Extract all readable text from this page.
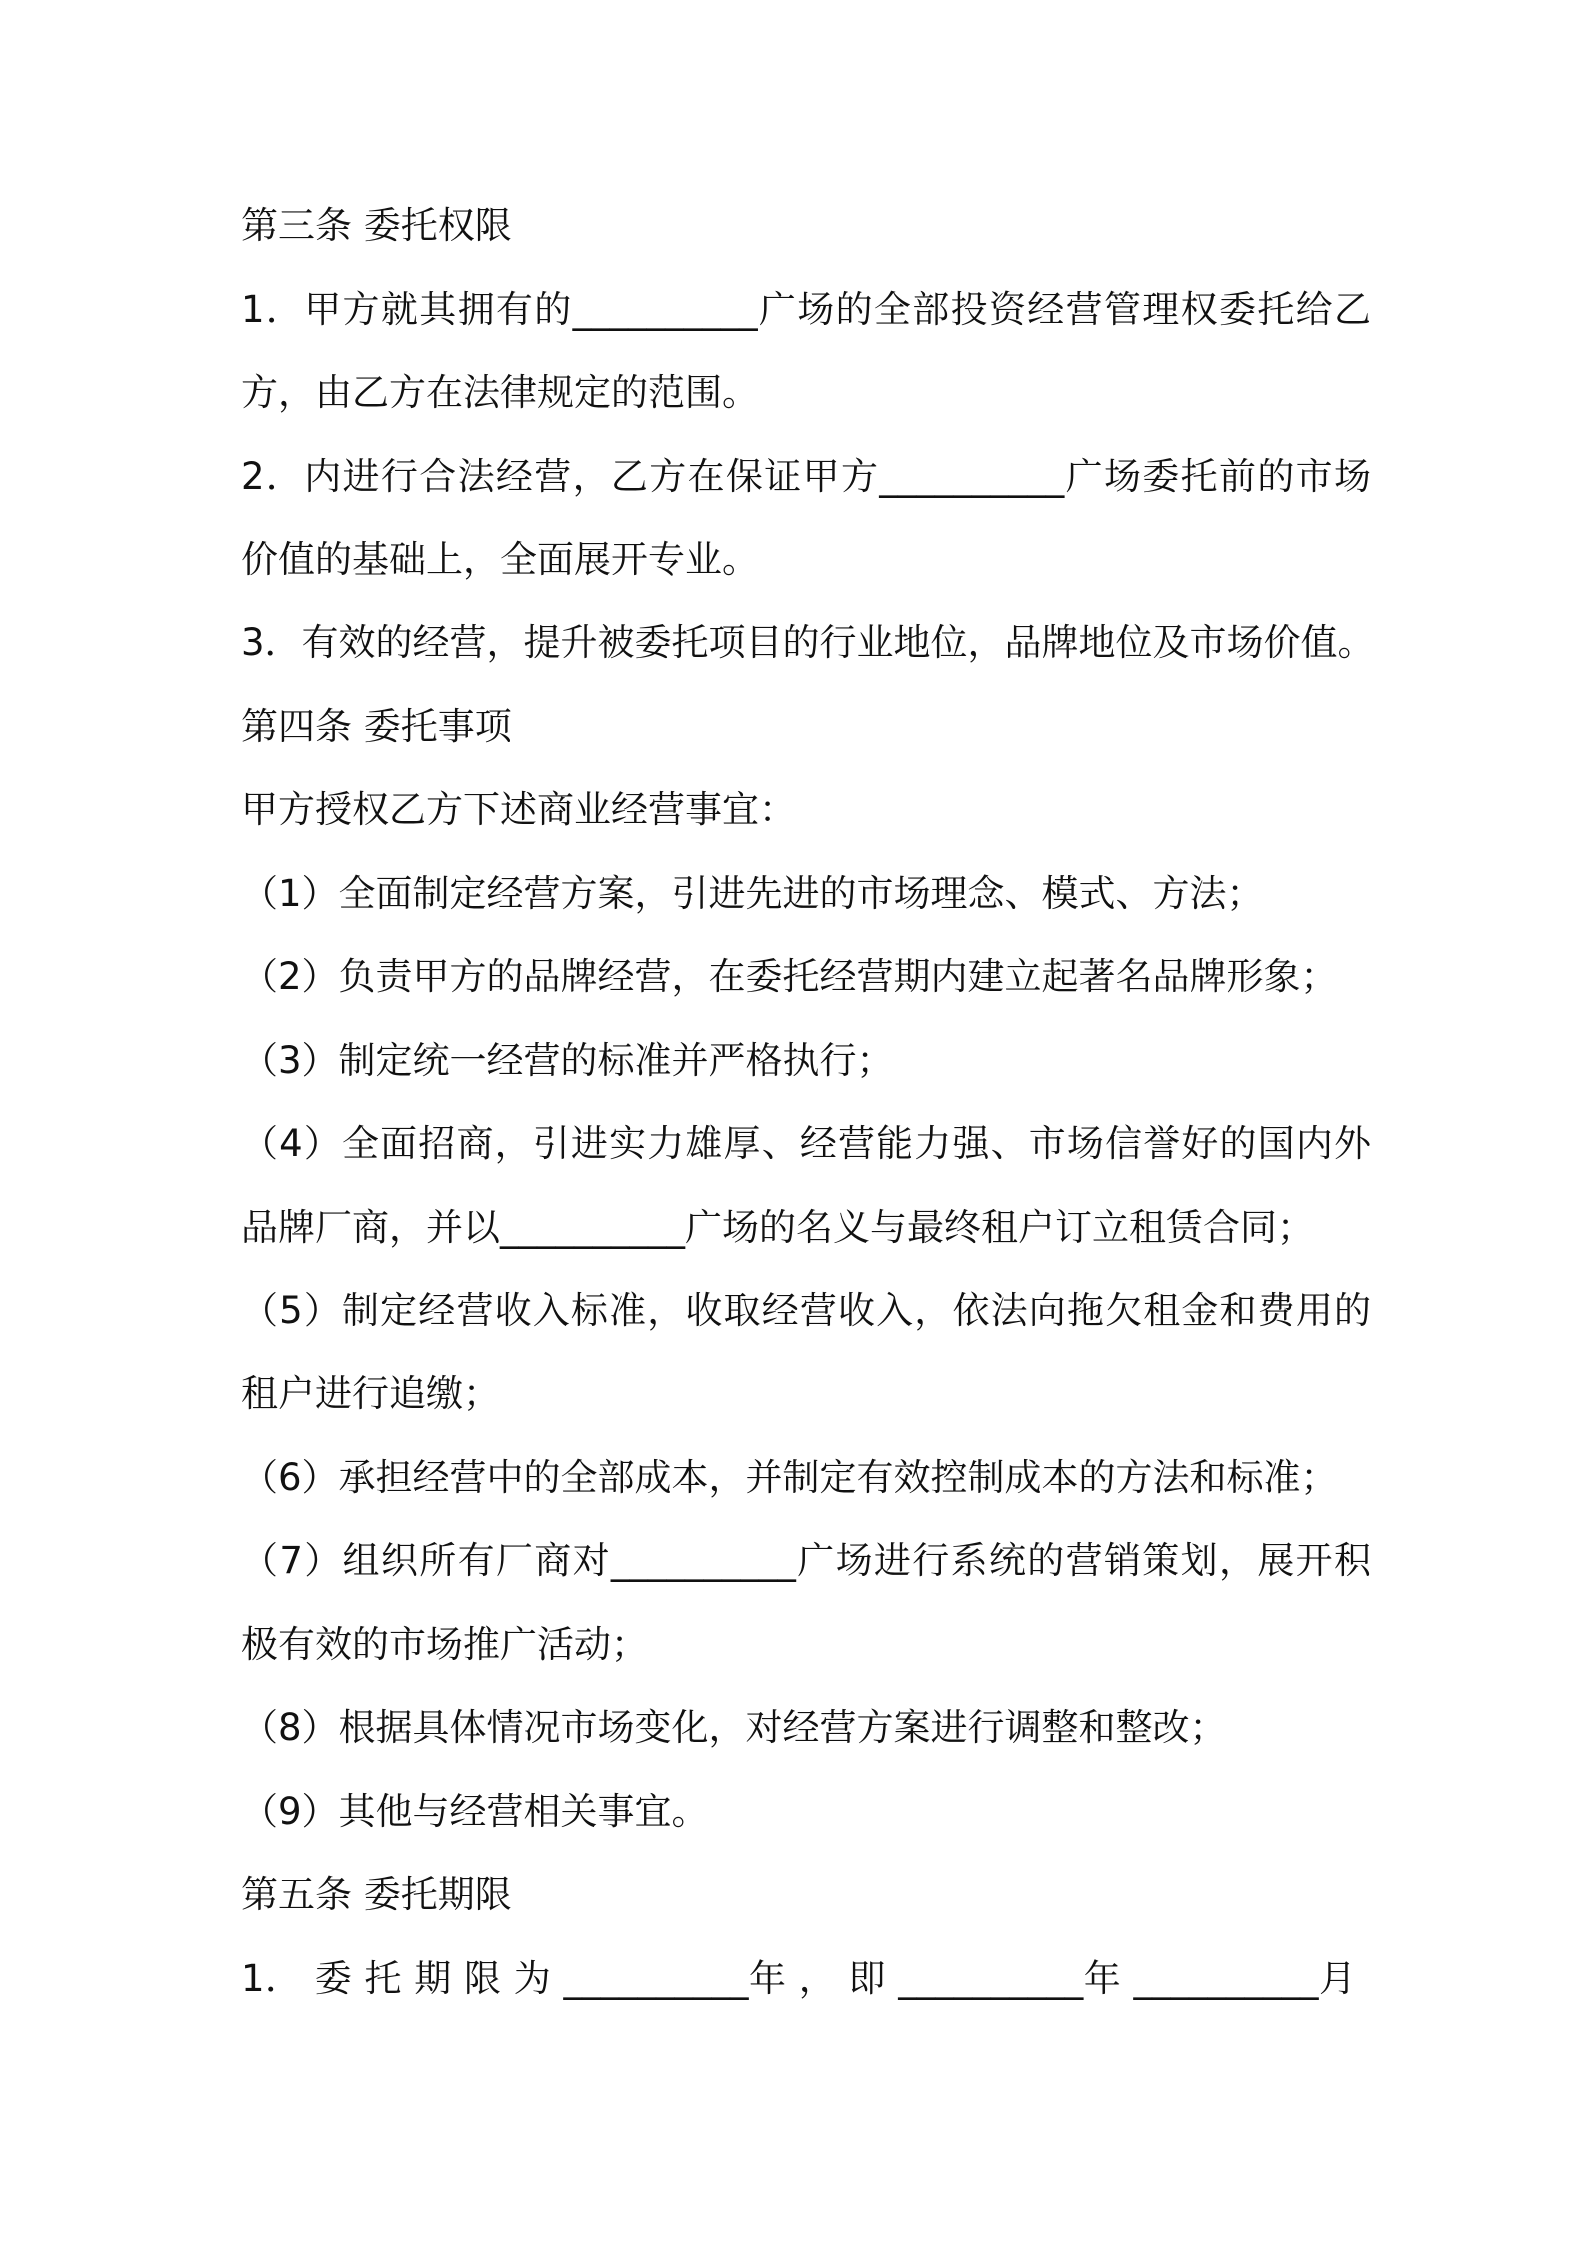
第三条 委托权限
1．甲方就其拥有的__________广场的全部投资经营管理权委托给乙
方，由乙方在法律规定的范围。
2．内进行合法经营，乙方在保证甲方__________广场委托前的市场
价值的基础上，全面展开专业。
3．有效的经营，提升被委托项目的行业地位，品牌地位及市场价值。
第四条 委托事项
甲方授权乙方下述商业经营事宜：
（1）全面制定经营方案，引进先进的市场理念、模式、方法；
（2）负责甲方的品牌经营，在委托经营期内建立起著名品牌形象；
（3）制定统一经营的标准并严格执行；
（4）全面招商，引进实力雄厚、经营能力强、市场信誉好的国内外
品牌厂商，并以__________广场的名义与最终租户订立租赁合同；
（5）制定经营收入标准，收取经营收入，依法向拖欠租金和费用的
租户进行追缴；
（6）承担经营中的全部成本，并制定有效控制成本的方法和标准；
（7）组织所有厂商对__________广场进行系统的营销策划，展开积
极有效的市场推广活动；
（8）根据具体情况市场变化，对经营方案进行调整和整改；
（9）其他与经营相关事宜。
第五条 委托期限
1． 委 托 期 限 为 __________年 ， 即 __________年 __________月
